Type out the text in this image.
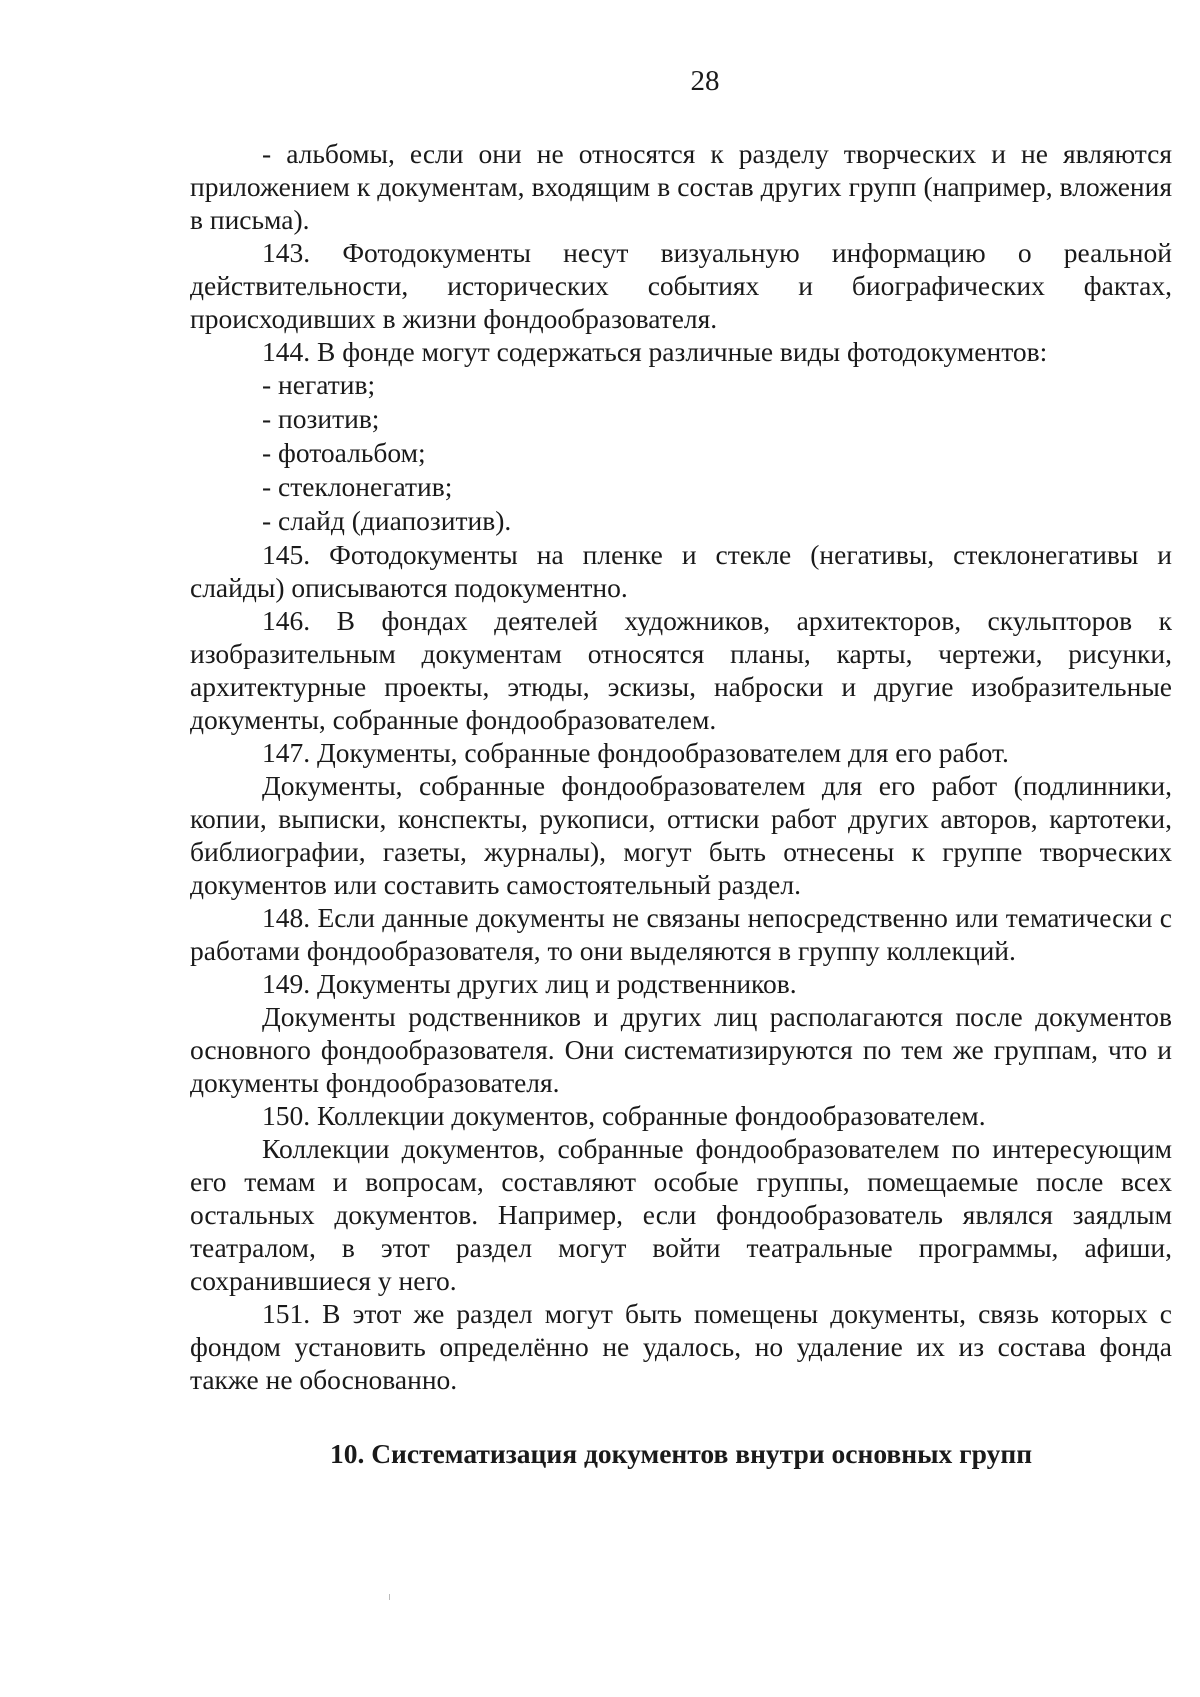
28

- альбомы, если они не относятся к разделу творческих и не являются приложением к документам, входящим в состав других групп (например, вложения в письма).

143. Фотодокументы несут визуальную информацию о реальной действительности, исторических событиях и биографических фактах, происходивших в жизни фондообразователя.

144. В фонде могут содержаться различные виды фотодокументов:

- негатив;
- позитив;
- фотоальбом;
- стеклонегатив;
- слайд (диапозитив).

145. Фотодокументы на пленке и стекле (негативы, стеклонегативы и слайды) описываются подокументно.

146. В фондах деятелей художников, архитекторов, скульпторов к изобразительным документам относятся планы, карты, чертежи, рисунки, архитектурные проекты, этюды, эскизы, наброски и другие изобразительные документы, собранные фондообразователем.

147. Документы, собранные фондообразователем для его работ.

Документы, собранные фондообразователем для его работ (подлинники, копии, выписки, конспекты, рукописи, оттиски работ других авторов, картотеки, библиографии, газеты, журналы), могут быть отнесены к группе творческих документов или составить самостоятельный раздел.

148. Если данные документы не связаны непосредственно или тематически с работами фондообразователя, то они выделяются в группу коллекций.

149. Документы других лиц и родственников.

Документы родственников и других лиц располагаются после документов основного фондообразователя. Они систематизируются по тем же группам, что и документы фондообразователя.

150. Коллекции документов, собранные фондообразователем.

Коллекции документов, собранные фондообразователем по интересующим его темам и вопросам, составляют особые группы, помещаемые после всех остальных документов. Например, если фондообразователь являлся заядлым театралом, в этот раздел могут войти театральные программы, афиши, сохранившиеся у него.

151. В этот же раздел могут быть помещены документы, связь которых с фондом установить определённо не удалось, но удаление их из состава фонда также не обоснованно.

10. Систематизация документов внутри основных групп
